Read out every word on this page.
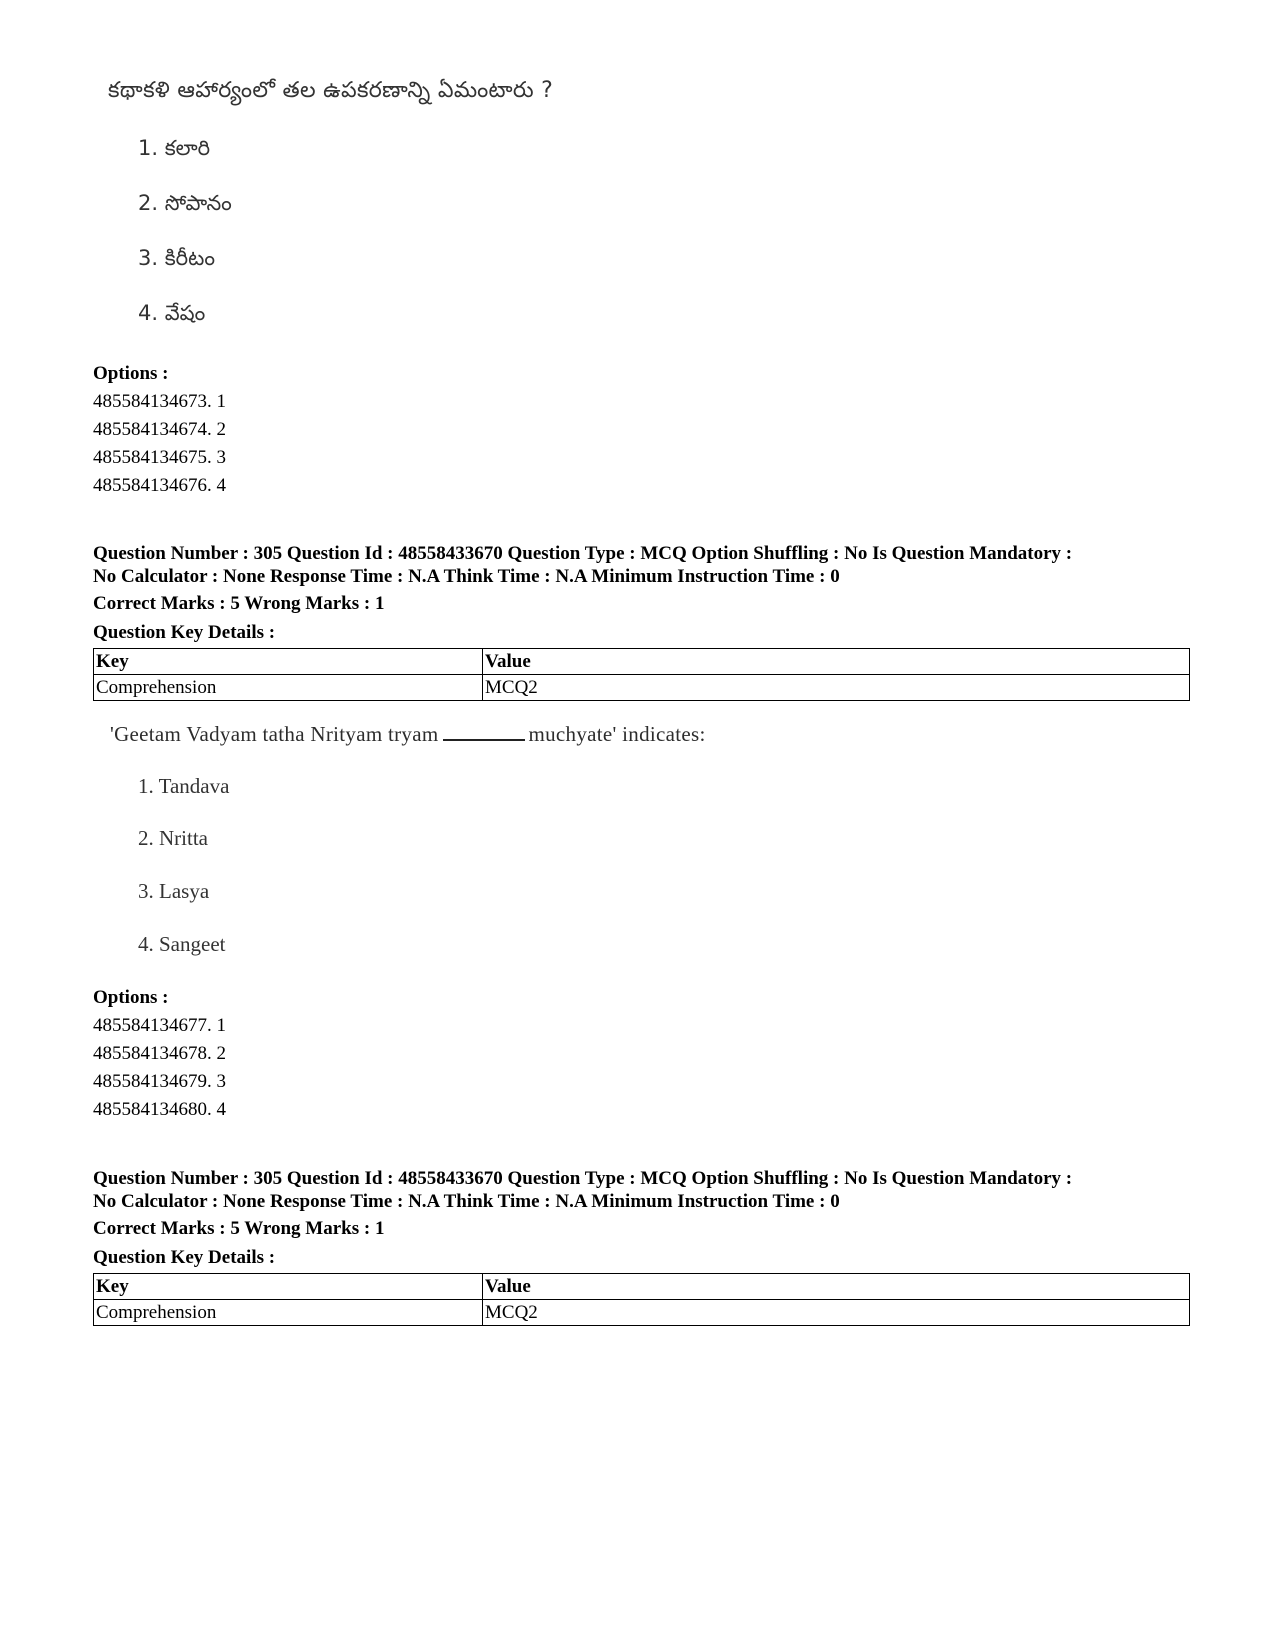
కథాకళి ఆహార్యంలో తల ఉపకరణాన్ని ఏమంటారు ?
1. కలారి
2. సోపానం
3. కిరీటం
4. వేషం
Options :
485584134673. 1
485584134674. 2
485584134675. 3
485584134676. 4
Question Number : 305 Question Id : 48558433670 Question Type : MCQ Option Shuffling : No Is Question Mandatory :
No Calculator : None Response Time : N.A Think Time : N.A Minimum Instruction Time : 0
Correct Marks : 5 Wrong Marks : 1
Question Key Details :
Key	Value
Comprehension	MCQ2
'Geetam Vadyam tatha Nrityam tryam	muchyate' indicates:
1. Tandava
2. Nritta
3. Lasya
4. Sangeet
Options :
485584134677. 1
485584134678. 2
485584134679. 3
485584134680. 4
Question Number : 305 Question Id : 48558433670 Question Type : MCQ Option Shuffling : No Is Question Mandatory :
No Calculator : None Response Time : N.A Think Time : N.A Minimum Instruction Time : 0
Correct Marks : 5 Wrong Marks : 1
Question Key Details :
Key	Value
Comprehension	MCQ2
